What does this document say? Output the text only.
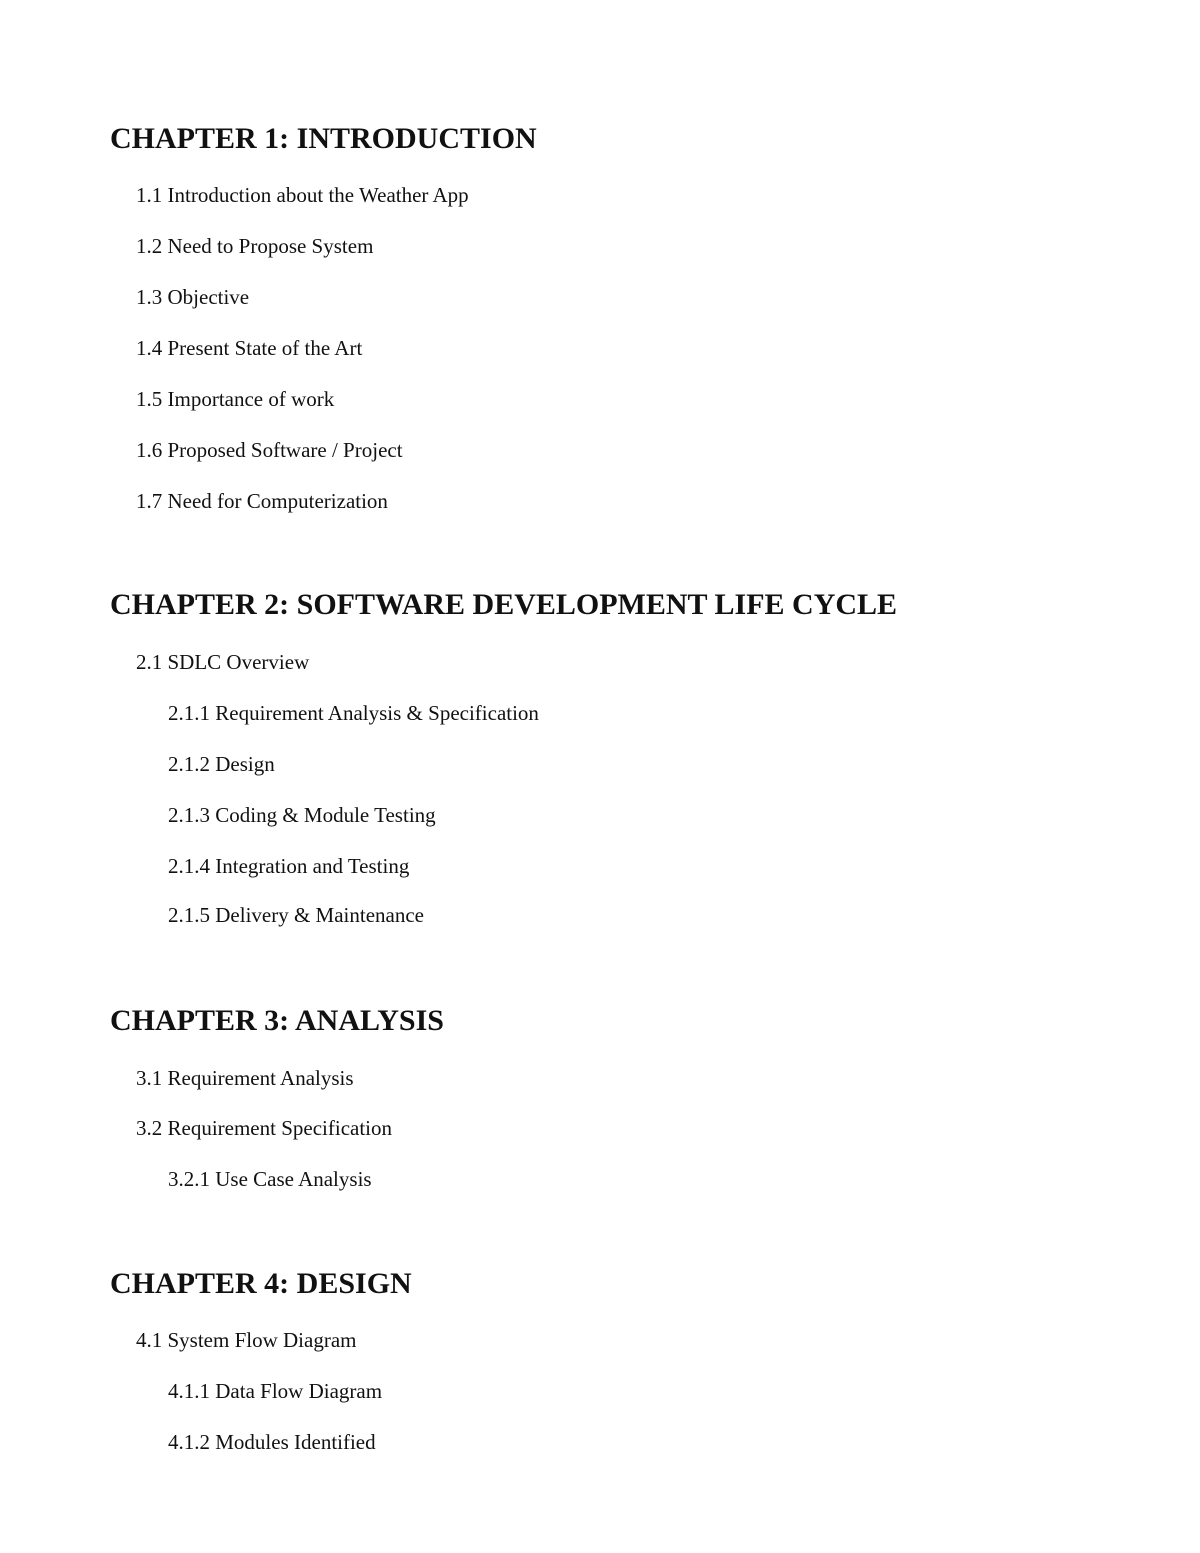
CHAPTER 1: INTRODUCTION

1.1 Introduction about the Weather App

1.2 Need to Propose System

1.3 Objective

1.4 Present State of the Art

1.5 Importance of work

1.6 Proposed Software / Project

1.7 Need for Computerization

CHAPTER 2: SOFTWARE DEVELOPMENT LIFE CYCLE

2.1 SDLC Overview

2.1.1 Requirement Analysis & Specification

2.1.2 Design

2.1.3 Coding & Module Testing

2.1.4 Integration and Testing

2.1.5 Delivery & Maintenance

CHAPTER 3: ANALYSIS

3.1 Requirement Analysis

3.2 Requirement Specification

3.2.1 Use Case Analysis

CHAPTER 4: DESIGN

4.1 System Flow Diagram

4.1.1 Data Flow Diagram

4.1.2 Modules Identified
